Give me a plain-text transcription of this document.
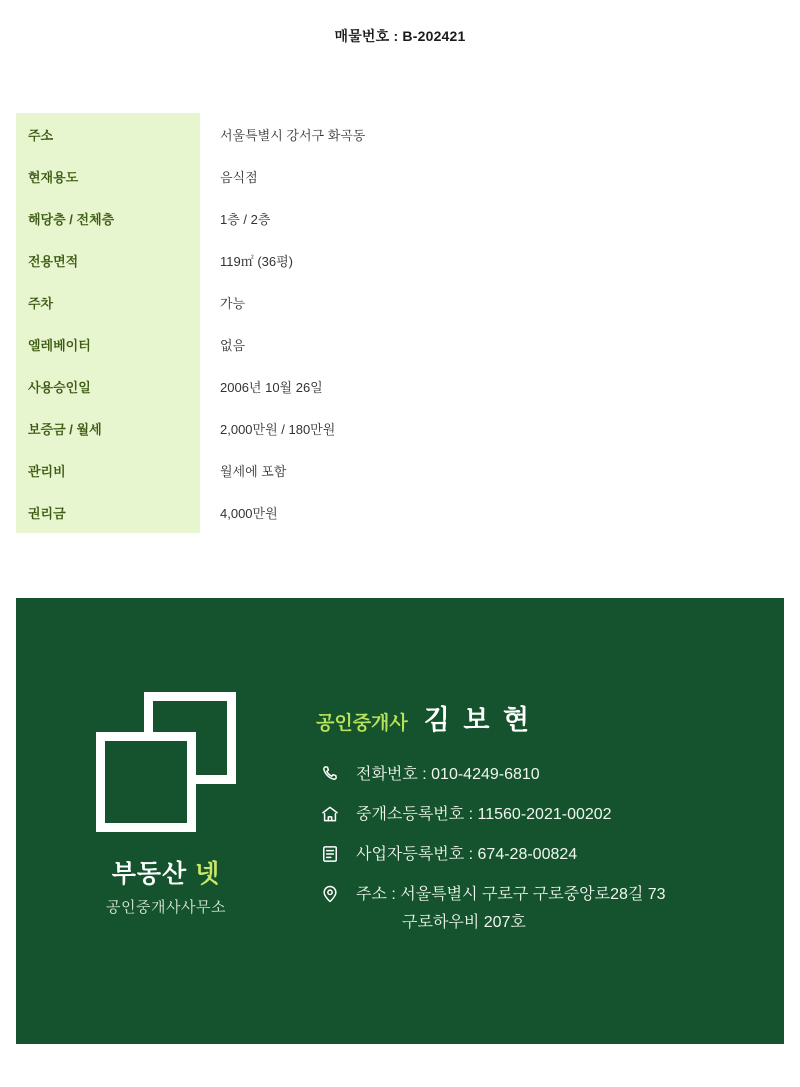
매물번호 : B-202421
주소	서울특별시 강서구 화곡동
현재용도	음식점
해당층 / 전체층	1층 / 2층
전용면적	119㎡ (36평)
주차	가능
엘레베이터	없음
사용승인일	2006년 10월 26일
보증금 / 월세	2,000만원 / 180만원
관리비	월세에 포함
권리금	4,000만원
부동산 넷
공인중개사사무소
공인중개사 김 보 현
전화번호 : 010-4249-6810
중개소등록번호 : 11560-2021-00202
사업자등록번호 : 674-28-00824
주소 : 서울특별시 구로구 구로중앙로28길 73
구로하우비 207호
